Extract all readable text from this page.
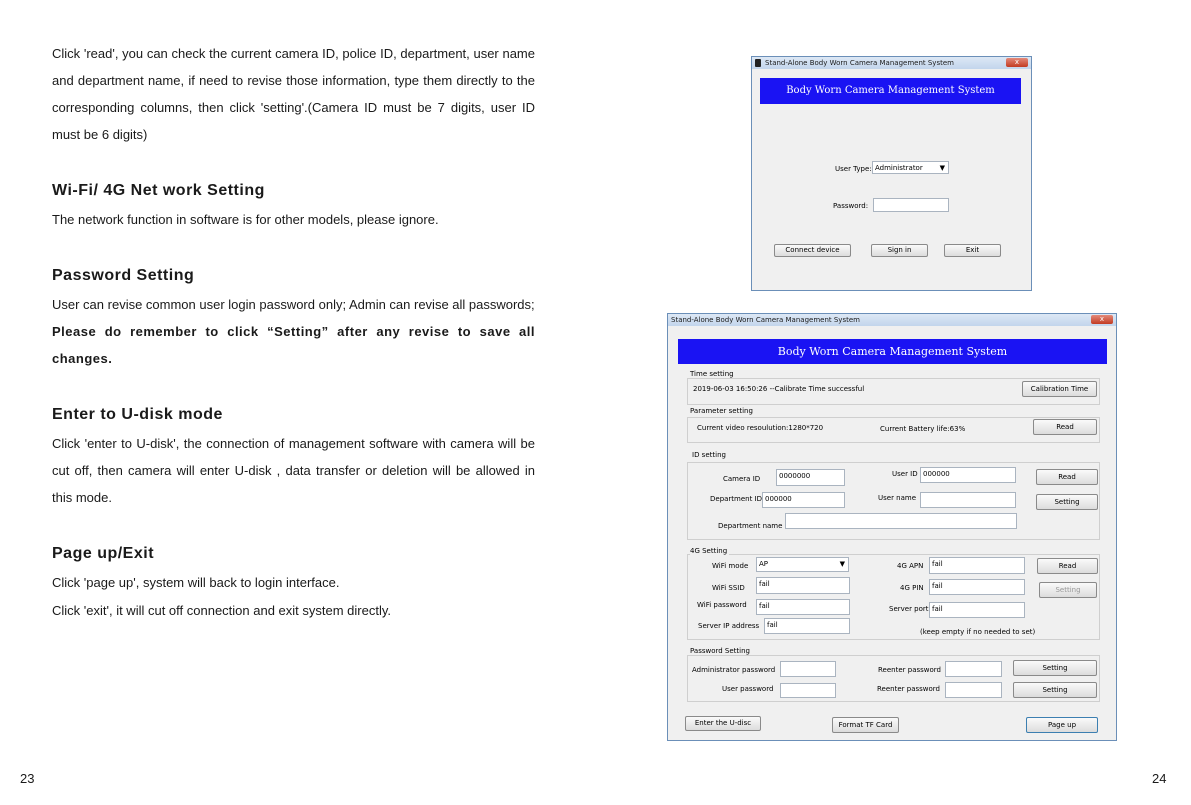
Click 'read', you can check the current camera ID, police ID, department, user name and department name, if need to revise those information, type them directly to the corresponding columns, then click 'setting'.(Camera ID must be 7 digits, user ID must be 6 digits)

Wi-Fi/ 4G Net work Setting

The network function in software is for other models, please ignore.

Password Setting

User can revise common user login password only; Admin can revise all passwords;

Please do remember to click “Setting” after any revise to save all changes.

Enter to U-disk mode

Click 'enter to U-disk', the connection of management software with camera will be cut off, then camera will enter U-disk , data transfer or deletion will be allowed in this mode.

Page up/Exit

Click 'page up', system will back to login interface.

Click 'exit', it will cut off connection and exit system directly.

23	24
Stand-Alone Body Worn Camera Management System	x
Body Worn Camera Management System
User Type: Administrator ▼
Password:
Connect device	Sign in	Exit
Stand-Alone Body Worn Camera Management System	x
Body Worn Camera Management System
Time setting
2019-06-03 16:50:26 --Calibrate Time successful	Calibration Time
Parameter setting
Current video resoulution:1280*720	Current Battery life:63%	Read
ID setting
Camera ID	0000000	User ID 000000	Read
Department ID 000000	User name	Setting
Department name
4G Setting
WiFi mode	AP	▼	4G APN	fail	Read
WiFi SSID	fail	4G PIN	fail	Setting
WiFi password	fail	Server port fail
Server IP address	fail
(keep empty if no needed to set)
Password Setting
Administrator password	Reenter password	Setting
User password	Reenter password	Setting
Enter the U-disc	Format TF Card	Page up
